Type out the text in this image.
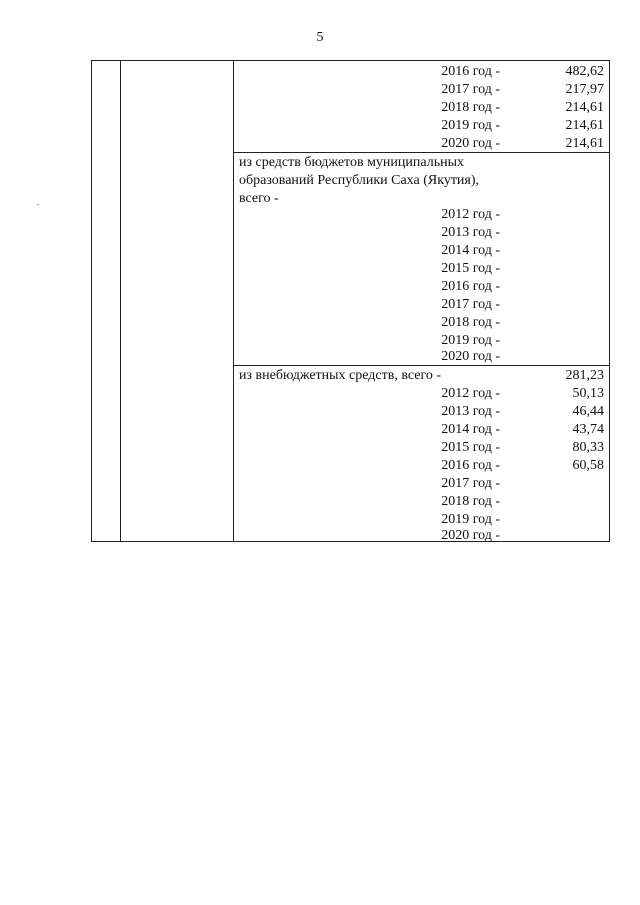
5
2016 год -	482,62
2017 год -	217,97
2018 год -	214,61
2019 год -	214,61
2020 год -	214,61
из средств бюджетов муниципальных
образований Республики Саха (Якутия),
всего -
2012 год -
2013 год -
2014 год -
2015 год -
2016 год -
2017 год -
2018 год -
2019 год -
2020 год -
из внебюджетных средств, всего -	281,23
2012 год -	50,13
2013 год -	46,44
2014 год -	43,74
2015 год -	80,33
2016 год -	60,58
2017 год -
2018 год -
2019 год -
2020 год -
